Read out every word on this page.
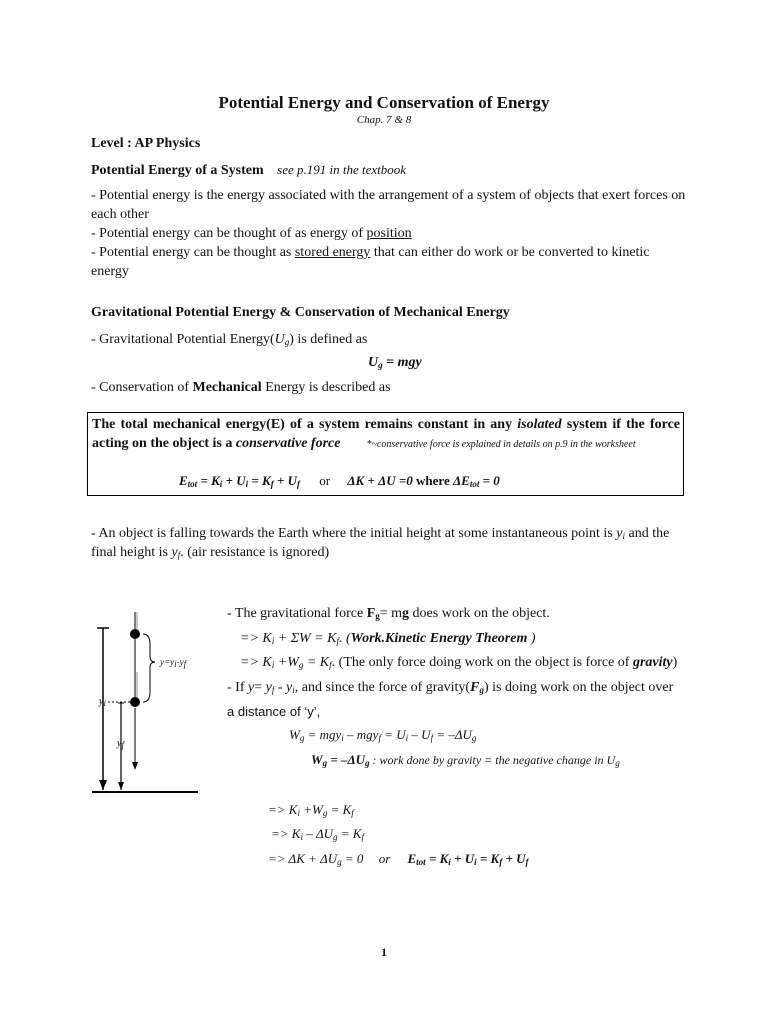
Potential Energy and Conservation of Energy
Chap. 7 & 8
Level : AP Physics
Potential Energy of a System see p.191 in the textbook
- Potential energy is the energy associated with the arrangement of a system of objects that exert forces on
each other
- Potential energy can be thought of as energy of position
- Potential energy can be thought as stored energy that can either do work or be converted to kinetic
energy
Gravitational Potential Energy & Conservation of Mechanical Energy
- Gravitational Potential $Energy(U_g)$ is defined as
$U_g$ = mgy
- Conservation of Mechanical Energy is described as
The total mechanical energy(E) of a system remains constant in any isolated system if the force
acting on the object is a conservative force	*~conservative force is explained in details on p.9 in the worksheet
$E_{tot} = K_i + U_i = K_f + U_f$ or ΔK + ΔU =0 where $\Delta E_{tot} = 0$
- An object is falling towards the Earth where the initial height at some instantaneous point is $y_i$ and the
final height is $y_f$. (air resistance is ignored)
$y=y_i-y_f$
$y_i$
$y_f$
- The gravitational force $F_g=$ mg does work on the object.
=> $K_i + \Sigma W = K_f$. (Work.Kinetic Energy Theorem )
=> $K_i +W_g = K_f$. (The only force doing work on the object is force of gravity)
- If $y= y_f - y_i$, and since the force of $gravity(F_g)$ is doing work on the object over
a distance of ‘y’,
$W_g = mgy_i - mgy_f = U_i - U_f = -\Delta U_g$
$W_g = -\Delta U_g$ : work done by gravity = the negative change in $U_g$
=> $K_i +W_g = K_f$
=> $K_i - \Delta U_g = K_f$
=> $\Delta K + \Delta U_g = 0$ or $E_{tot} = K_i + U_i = K_f + U_f$
1
